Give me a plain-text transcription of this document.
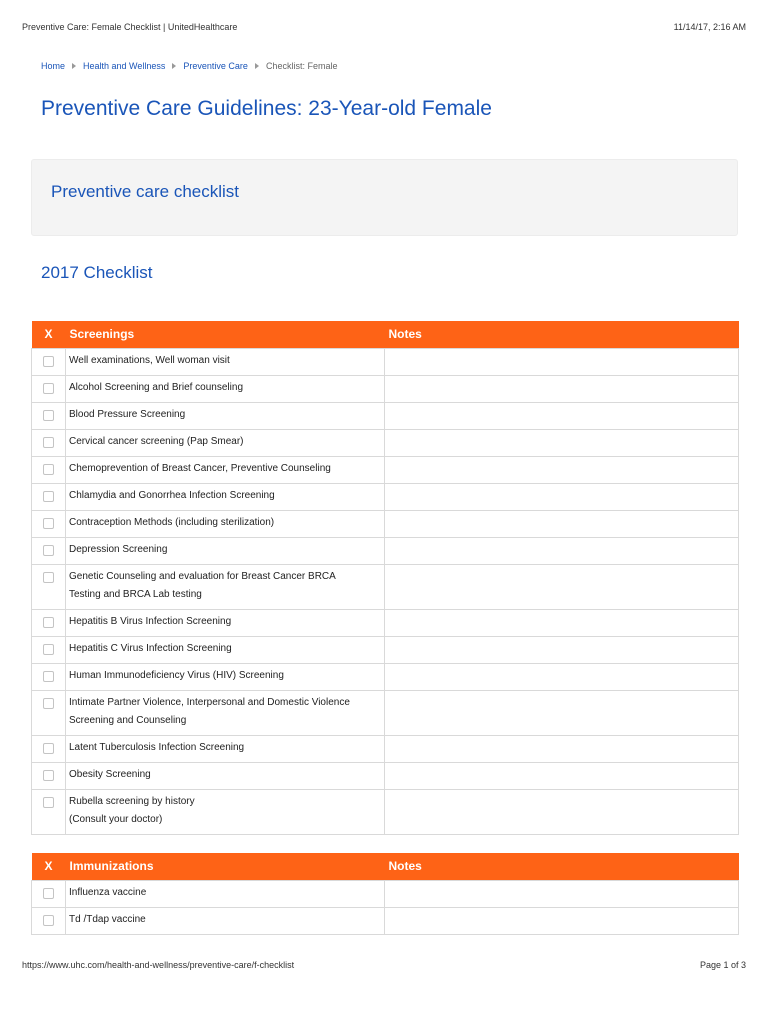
Preventive Care: Female Checklist | UnitedHealthcare	11/14/17, 2:16 AM
Home Health and Wellness Preventive Care Checklist: Female
Preventive Care Guidelines: 23-Year-old Female
Preventive care checklist
2017 Checklist
X	Screenings	Notes

	Well examinations, Well woman visit	

	Alcohol Screening and Brief counseling	

	Blood Pressure Screening	

	Cervical cancer screening (Pap Smear)	

	Chemoprevention of Breast Cancer, Preventive Counseling	

	Chlamydia and Gonorrhea Infection Screening	

	Contraception Methods (including sterilization)	

	Depression Screening	

	Genetic Counseling and evaluation for Breast Cancer BRCA
Testing and BRCA Lab testing	

	Hepatitis B Virus Infection Screening	

	Hepatitis C Virus Infection Screening	

	Human Immunodeficiency Virus (HIV) Screening	

	Intimate Partner Violence, Interpersonal and Domestic Violence
Screening and Counseling	

	Latent Tuberculosis Infection Screening	

	Obesity Screening	

	Rubella screening by history
(Consult your doctor)	

X	Immunizations	Notes

	Influenza vaccine	

	Td /Tdap vaccine	

https://www.uhc.com/health-and-wellness/preventive-care/f-checklist	Page 1 of 3
